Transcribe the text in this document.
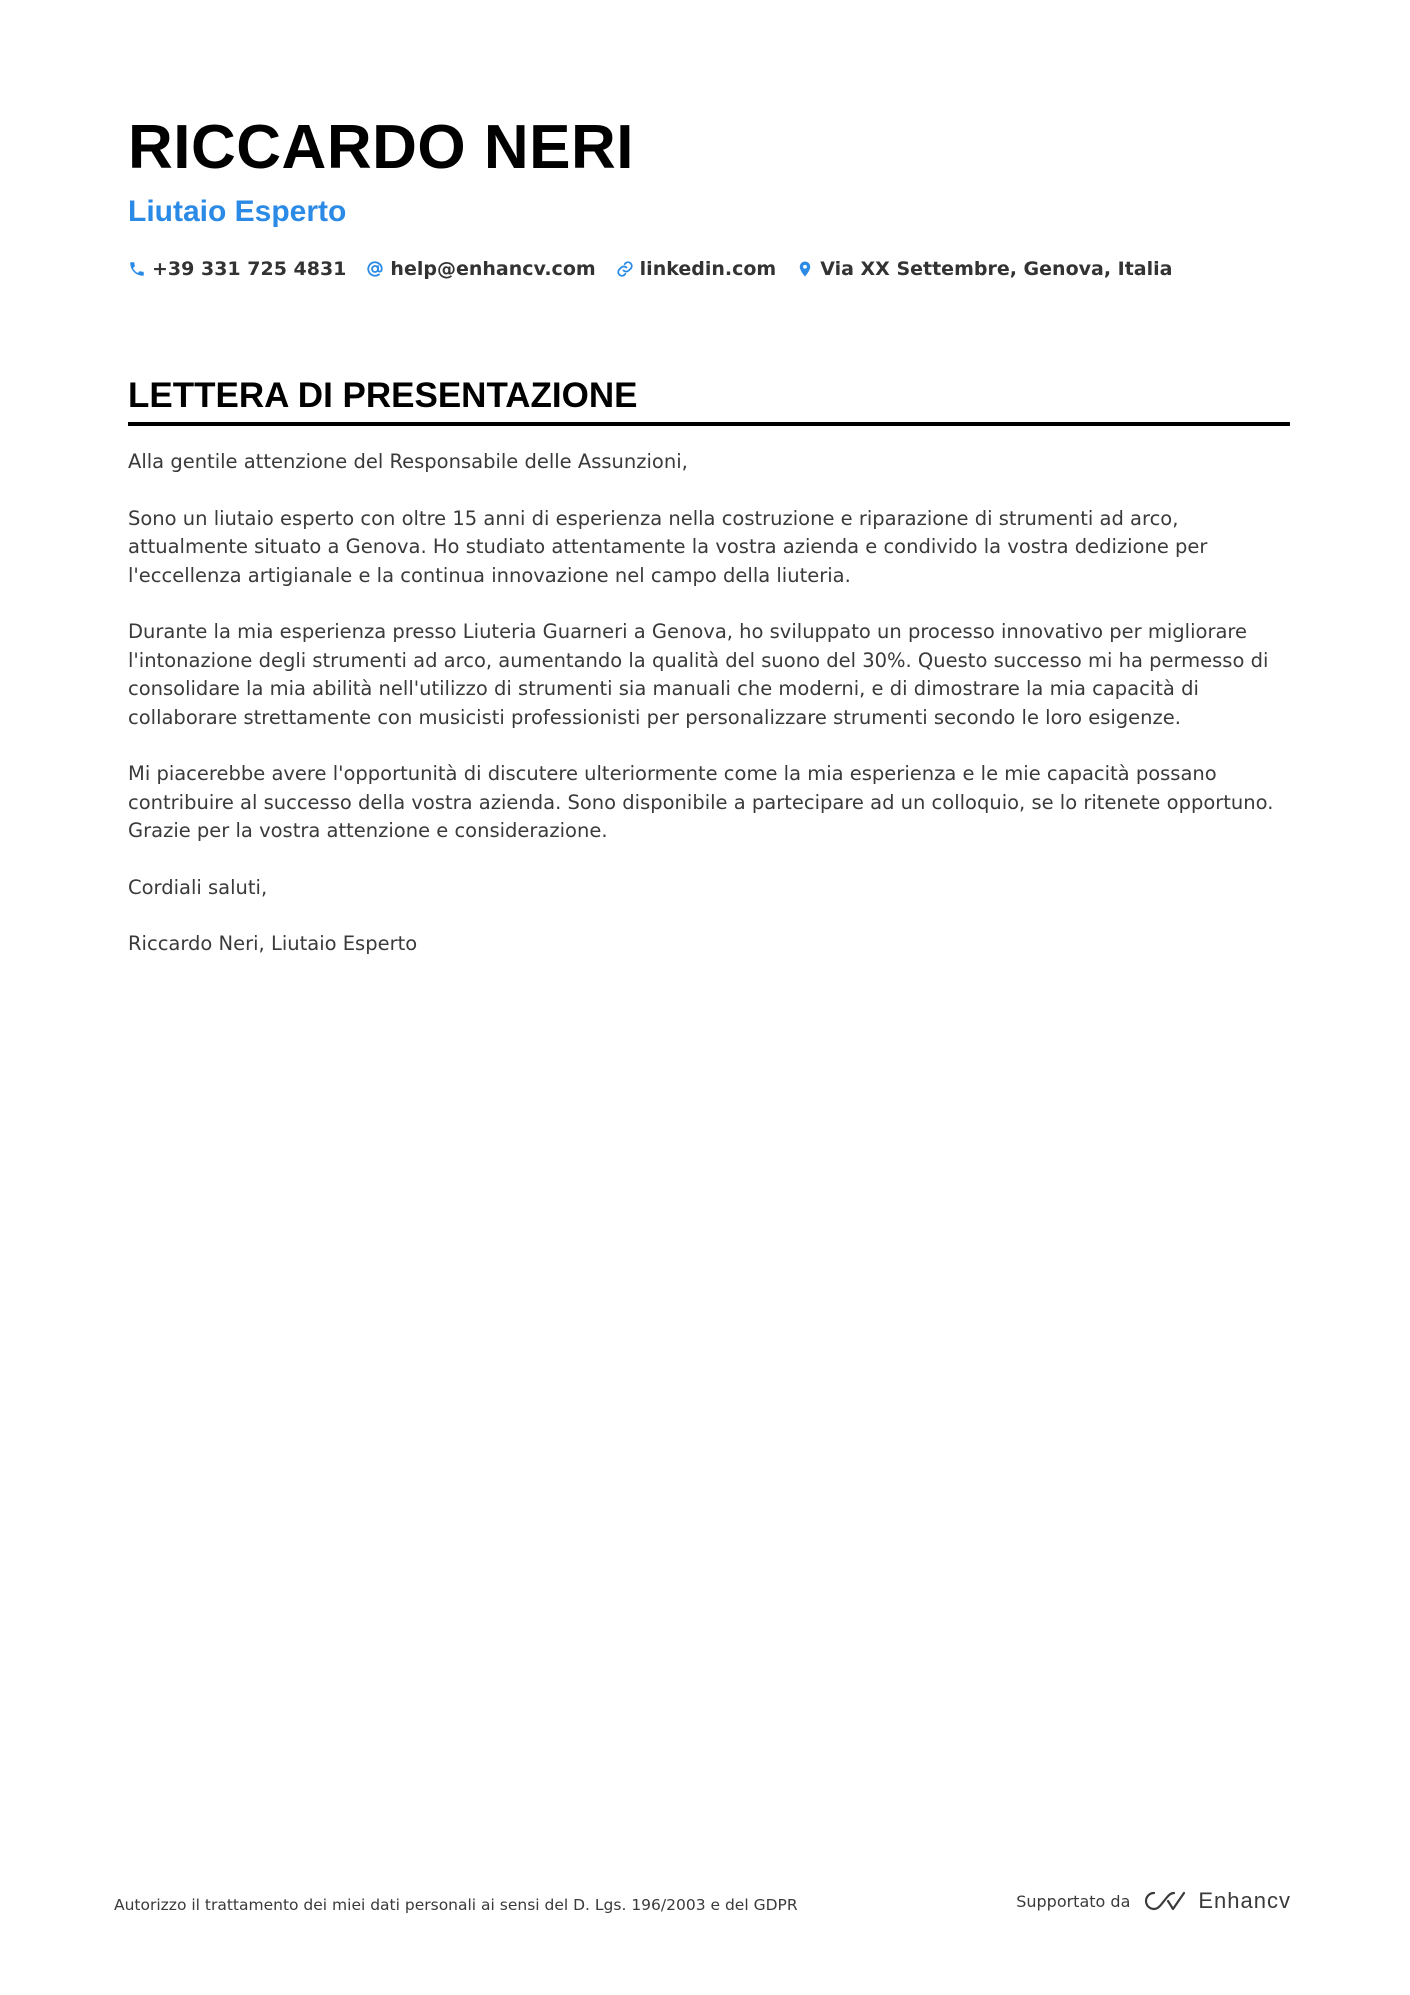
RICCARDO NERI
Liutaio Esperto
+39 331 725 4831 help@enhancv.com linkedin.com Via XX Settembre, Genova, Italia
LETTERA DI PRESENTAZIONE

Alla gentile attenzione del Responsabile delle Assunzioni,

Sono un liutaio esperto con oltre 15 anni di esperienza nella costruzione e riparazione di strumenti ad arco, attualmente situato a Genova. Ho studiato attentamente la vostra azienda e condivido la vostra dedizione per l'eccellenza artigianale e la continua innovazione nel campo della liuteria.

Durante la mia esperienza presso Liuteria Guarneri a Genova, ho sviluppato un processo innovativo per migliorare l'intonazione degli strumenti ad arco, aumentando la qualità del suono del 30%. Questo successo mi ha permesso di consolidare la mia abilità nell'utilizzo di strumenti sia manuali che moderni, e di dimostrare la mia capacità di collaborare strettamente con musicisti professionisti per personalizzare strumenti secondo le loro esigenze.

Mi piacerebbe avere l'opportunità di discutere ulteriormente come la mia esperienza e le mie capacità possano contribuire al successo della vostra azienda. Sono disponibile a partecipare ad un colloquio, se lo ritenete opportuno. Grazie per la vostra attenzione e considerazione.

Cordiali saluti,

Riccardo Neri, Liutaio Esperto

Autorizzo il trattamento dei miei dati personali ai sensi del D. Lgs. 196/2003 e del GDPR	Supportato da	Enhancv
